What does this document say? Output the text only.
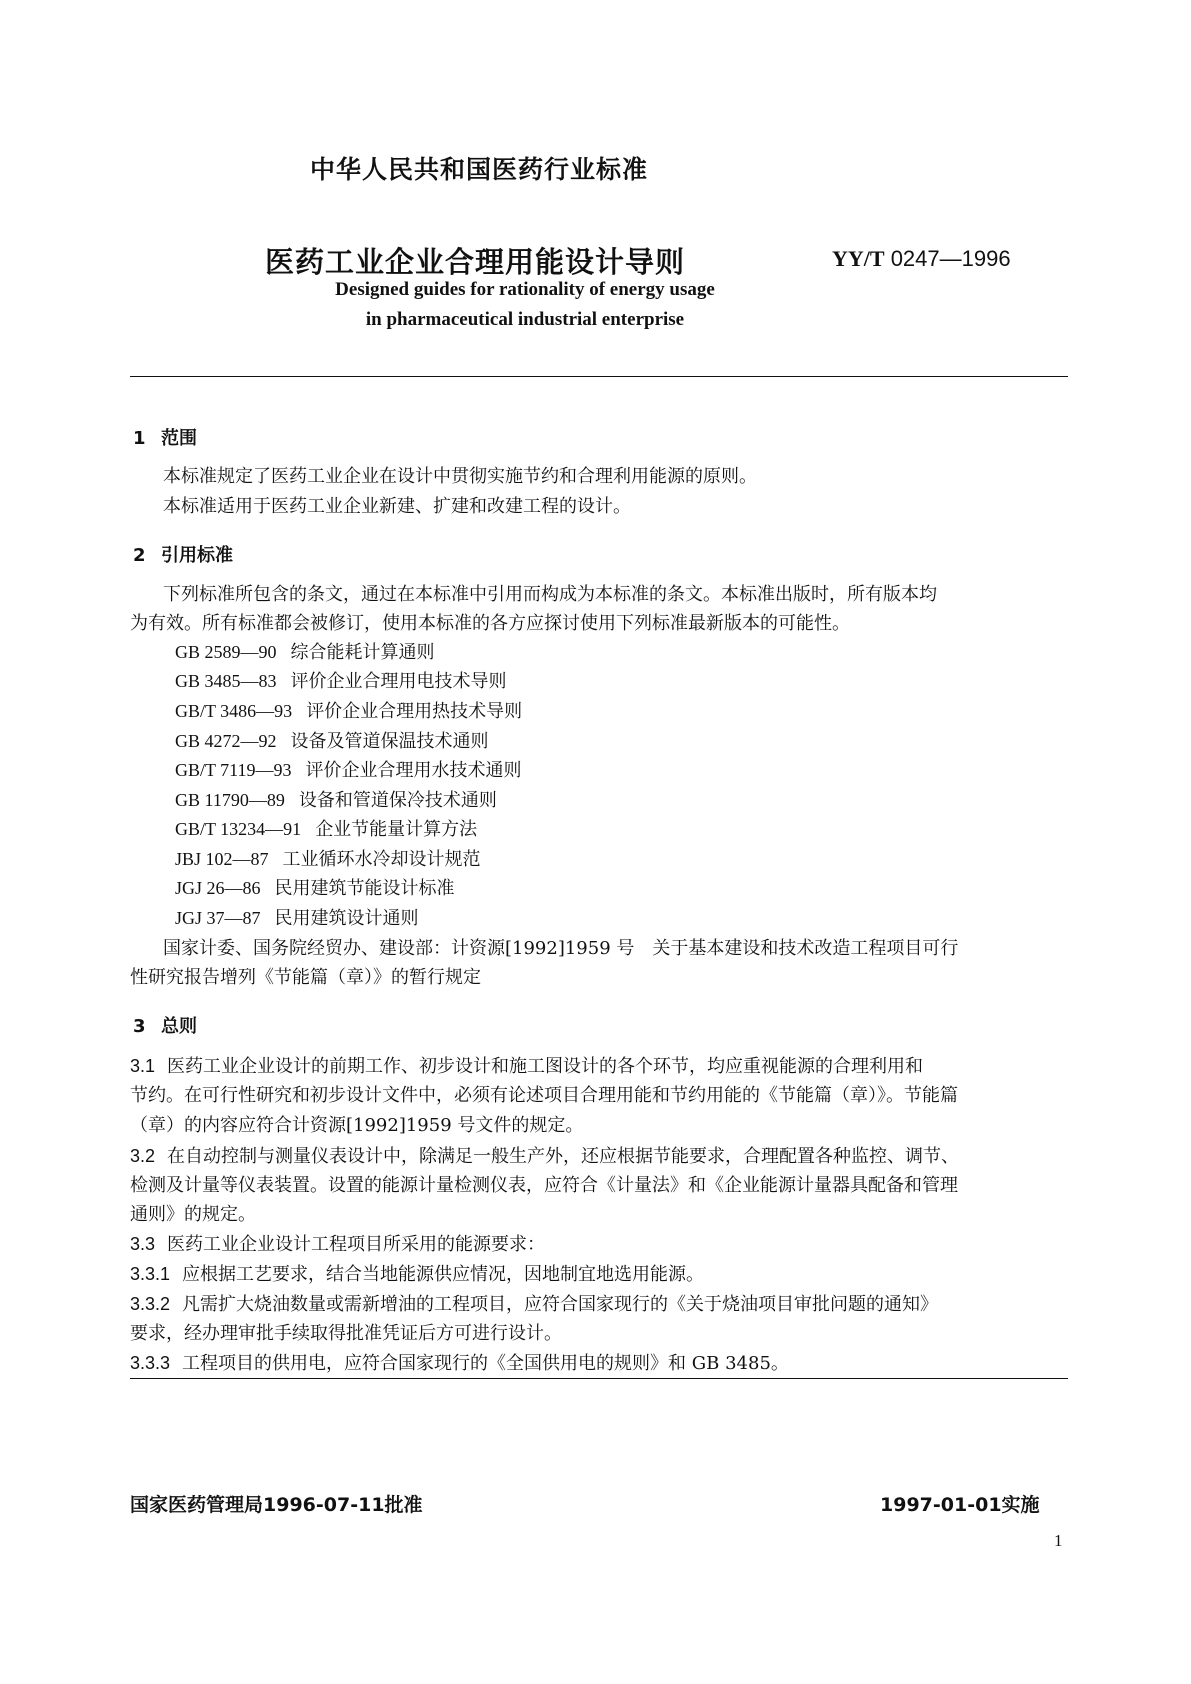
中华人民共和国医药行业标准
医药工业企业合理用能设计导则	YY/T 0247—1996
Designed guides for rationality of energy usage
in pharmaceutical industrial enterprise
1 范围
本标准规定了医药工业企业在设计中贯彻实施节约和合理利用能源的原则。
本标准适用于医药工业企业新建、扩建和改建工程的设计。
2 引用标准
下列标准所包含的条文，通过在本标准中引用而构成为本标准的条文。本标准出版时，所有版本均
为有效。所有标准都会被修订，使用本标准的各方应探讨使用下列标准最新版本的可能性。
GB 2589—90 综合能耗计算通则
GB 3485—83 评价企业合理用电技术导则
GB/T 3486—93 评价企业合理用热技术导则
GB 4272—92 设备及管道保温技术通则
GB/T 7119—93 评价企业合理用水技术通则
GB 11790—89 设备和管道保冷技术通则
GB/T 13234—91 企业节能量计算方法
JBJ 102—87 工业循环水冷却设计规范
JGJ 26—86 民用建筑节能设计标准
JGJ 37—87 民用建筑设计通则
国家计委、国务院经贸办、建设部：计资源[1992]1959 号　关于基本建设和技术改造工程项目可行
性研究报告增列《节能篇（章）》的暂行规定
3 总则
3.1 医药工业企业设计的前期工作、初步设计和施工图设计的各个环节，均应重视能源的合理利用和
节约。在可行性研究和初步设计文件中，必须有论述项目合理用能和节约用能的《节能篇（章）》。节能篇
（章）的内容应符合计资源[1992]1959 号文件的规定。
3.2 在自动控制与测量仪表设计中，除满足一般生产外，还应根据节能要求，合理配置各种监控、调节、
检测及计量等仪表装置。设置的能源计量检测仪表，应符合《计量法》和《企业能源计量器具配备和管理
通则》的规定。
3.3 医药工业企业设计工程项目所采用的能源要求：
3.3.1 应根据工艺要求，结合当地能源供应情况，因地制宜地选用能源。
3.3.2 凡需扩大烧油数量或需新增油的工程项目，应符合国家现行的《关于烧油项目审批问题的通知》
要求，经办理审批手续取得批准凭证后方可进行设计。
3.3.3 工程项目的供用电，应符合国家现行的《全国供用电的规则》和 GB 3485。
国家医药管理局1996-07-11批准	1997-01-01实施
1
